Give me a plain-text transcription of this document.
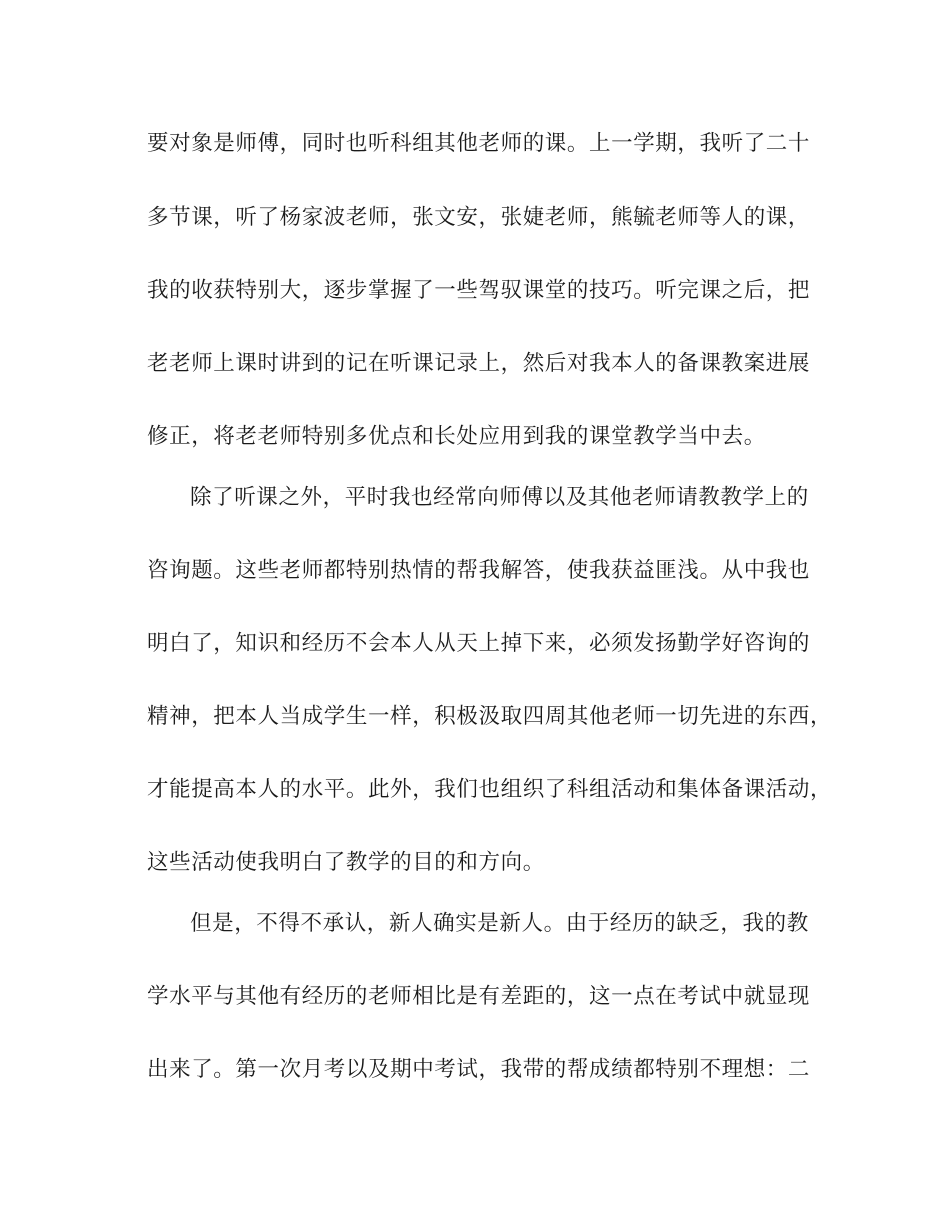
要对象是师傅，同时也听科组其他老师的课。上一学期，我听了二十
多节课，听了杨家波老师，张文安，张婕老师，熊毓老师等人的课，
我的收获特别大，逐步掌握了一些驾驭课堂的技巧。听完课之后，把
老老师上课时讲到的记在听课记录上，然后对我本人的备课教案进展
修正，将老老师特别多优点和长处应用到我的课堂教学当中去。
除了听课之外，平时我也经常向师傅以及其他老师请教教学上的
咨询题。这些老师都特别热情的帮我解答，使我获益匪浅。从中我也
明白了，知识和经历不会本人从天上掉下来，必须发扬勤学好咨询的
精神，把本人当成学生一样，积极汲取四周其他老师一切先进的东西，
才能提高本人的水平。此外，我们也组织了科组活动和集体备课活动，
这些活动使我明白了教学的目的和方向。
但是，不得不承认，新人确实是新人。由于经历的缺乏，我的教
学水平与其他有经历的老师相比是有差距的，这一点在考试中就显现
出来了。第一次月考以及期中考试，我带的帮成绩都特别不理想：二
